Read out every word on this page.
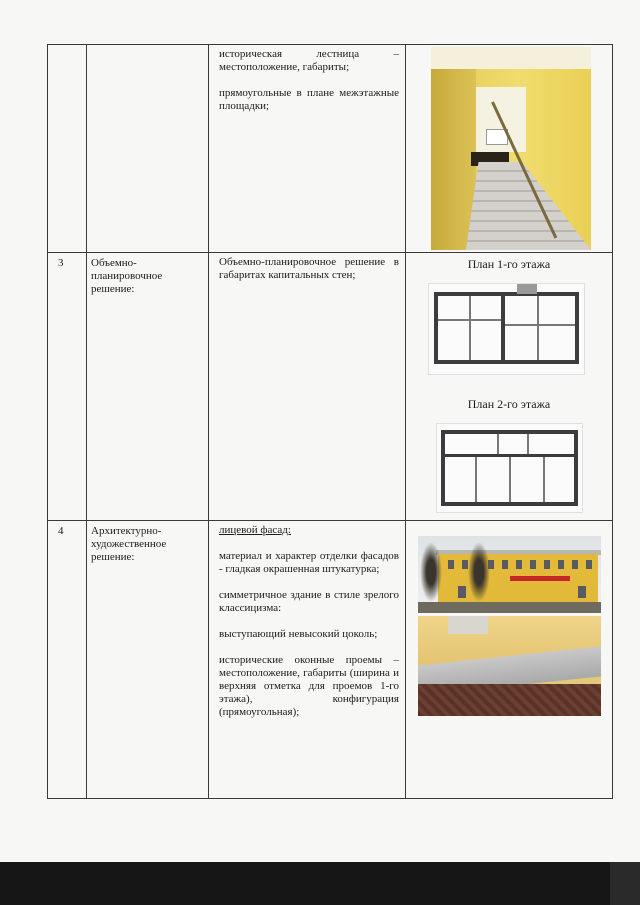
		историческая лестница – местоположение, габариты;

прямоугольные в плане межэтажные площадки;	

3	Объемно-планировочное решение:	Объемно-планировочное решение в габаритах капитальных стен;	План 1-го этажа
План 2-го этажа

4	Архитектурно-художественное решение:	лицевой фасад:

материал и характер отделки фасадов - гладкая окрашенная штукатурка;

симметричное здание в стиле зрелого классицизма:

выступающий невысокий цоколь;

исторические оконные проемы – местоположение, габариты (ширина и верхняя отметка для проемов 1-го этажа), конфигурация (прямоугольная);	
